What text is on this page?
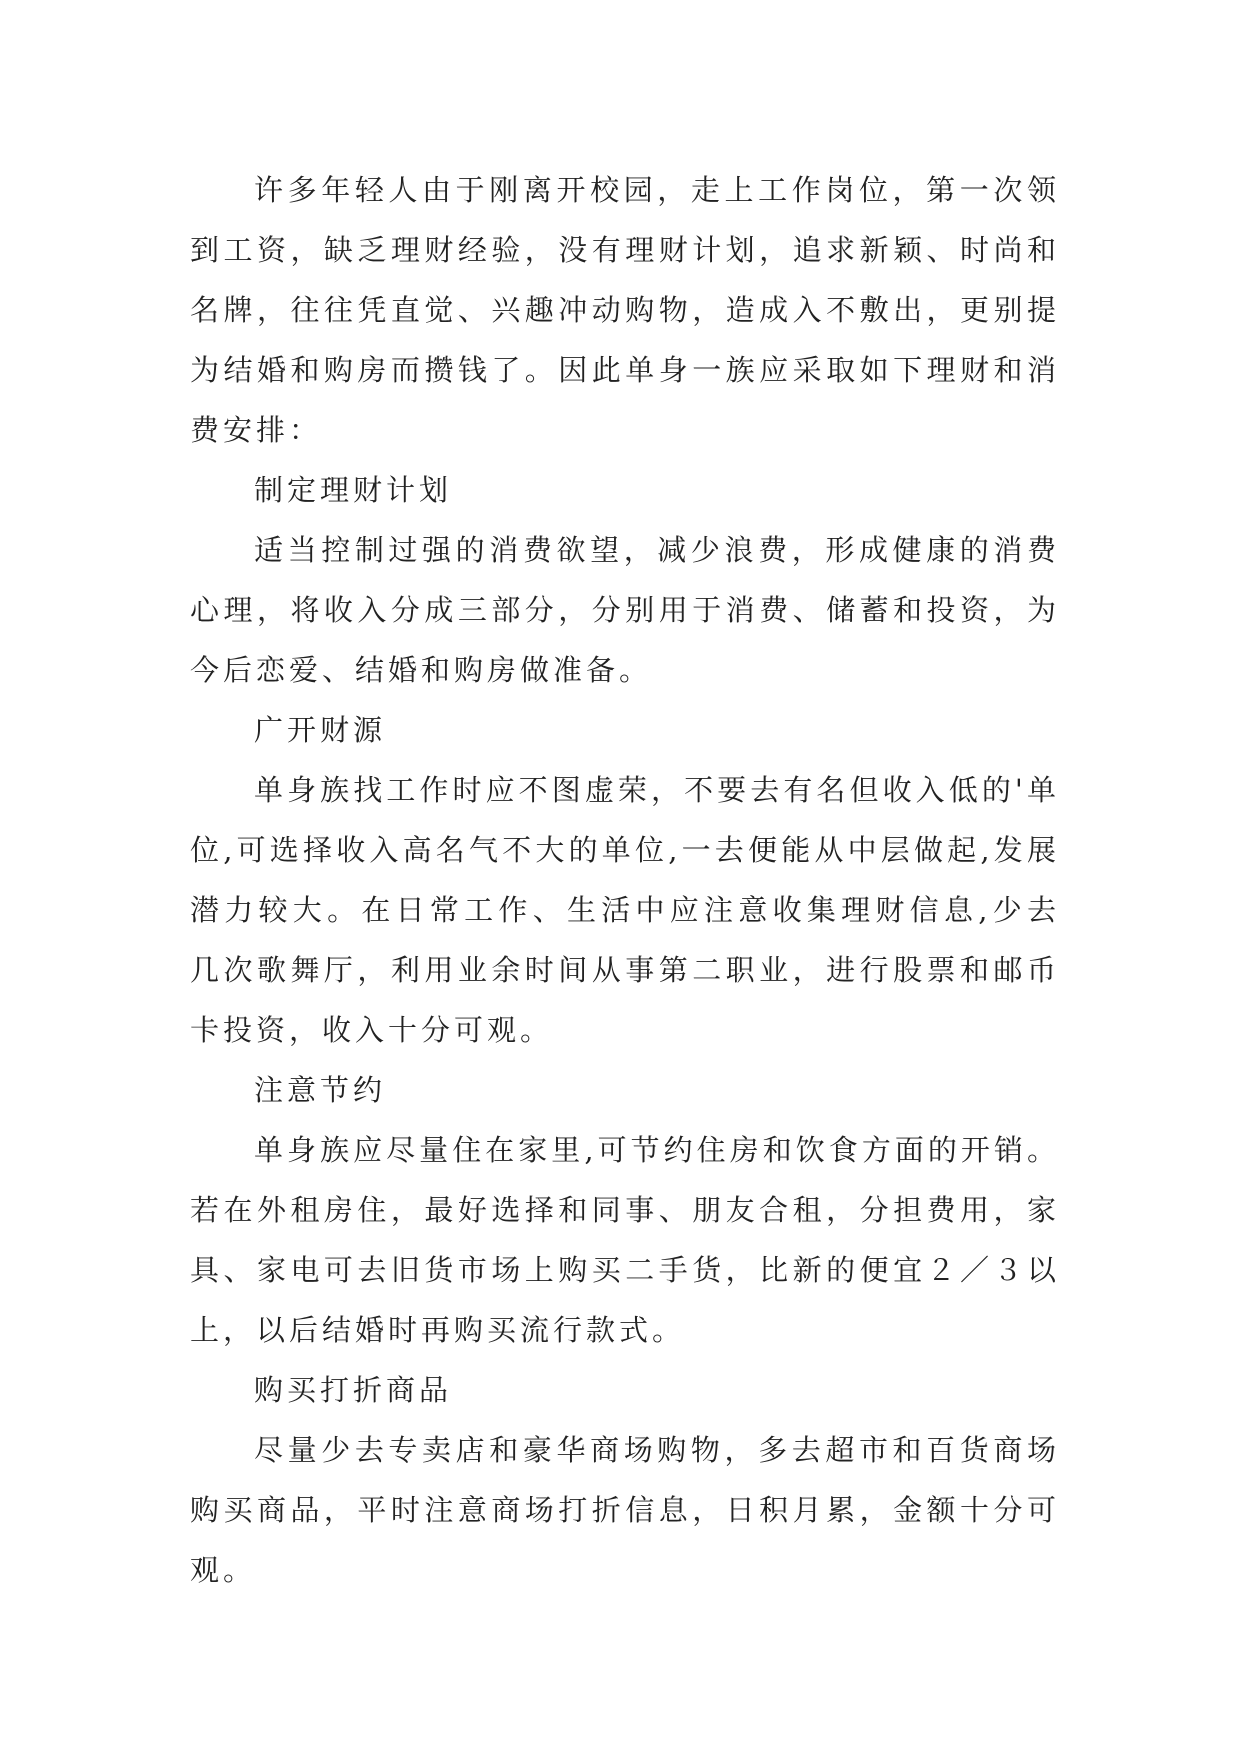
许多年轻人由于刚离开校园，走上工作岗位，第一次领到工资，缺乏理财经验，没有理财计划，追求新颖、时尚和名牌，往往凭直觉、兴趣冲动购物，造成入不敷出，更别提为结婚和购房而攒钱了。因此单身一族应采取如下理财和消费安排：

制定理财计划

适当控制过强的消费欲望，减少浪费，形成健康的消费心理，将收入分成三部分，分别用于消费、储蓄和投资，为今后恋爱、结婚和购房做准备。

广开财源

单身族找工作时应不图虚荣，不要去有名但收入低的'单位,可选择收入高名气不大的单位,一去便能从中层做起,发展潜力较大。在日常工作、生活中应注意收集理财信息,少去几次歌舞厅，利用业余时间从事第二职业，进行股票和邮币卡投资，收入十分可观。

注意节约

单身族应尽量住在家里,可节约住房和饮食方面的开销。若在外租房住，最好选择和同事、朋友合租，分担费用，家具、家电可去旧货市场上购买二手货，比新的便宜２／３以上，以后结婚时再购买流行款式。

购买打折商品

尽量少去专卖店和豪华商场购物，多去超市和百货商场购买商品，平时注意商场打折信息，日积月累，金额十分可观。
